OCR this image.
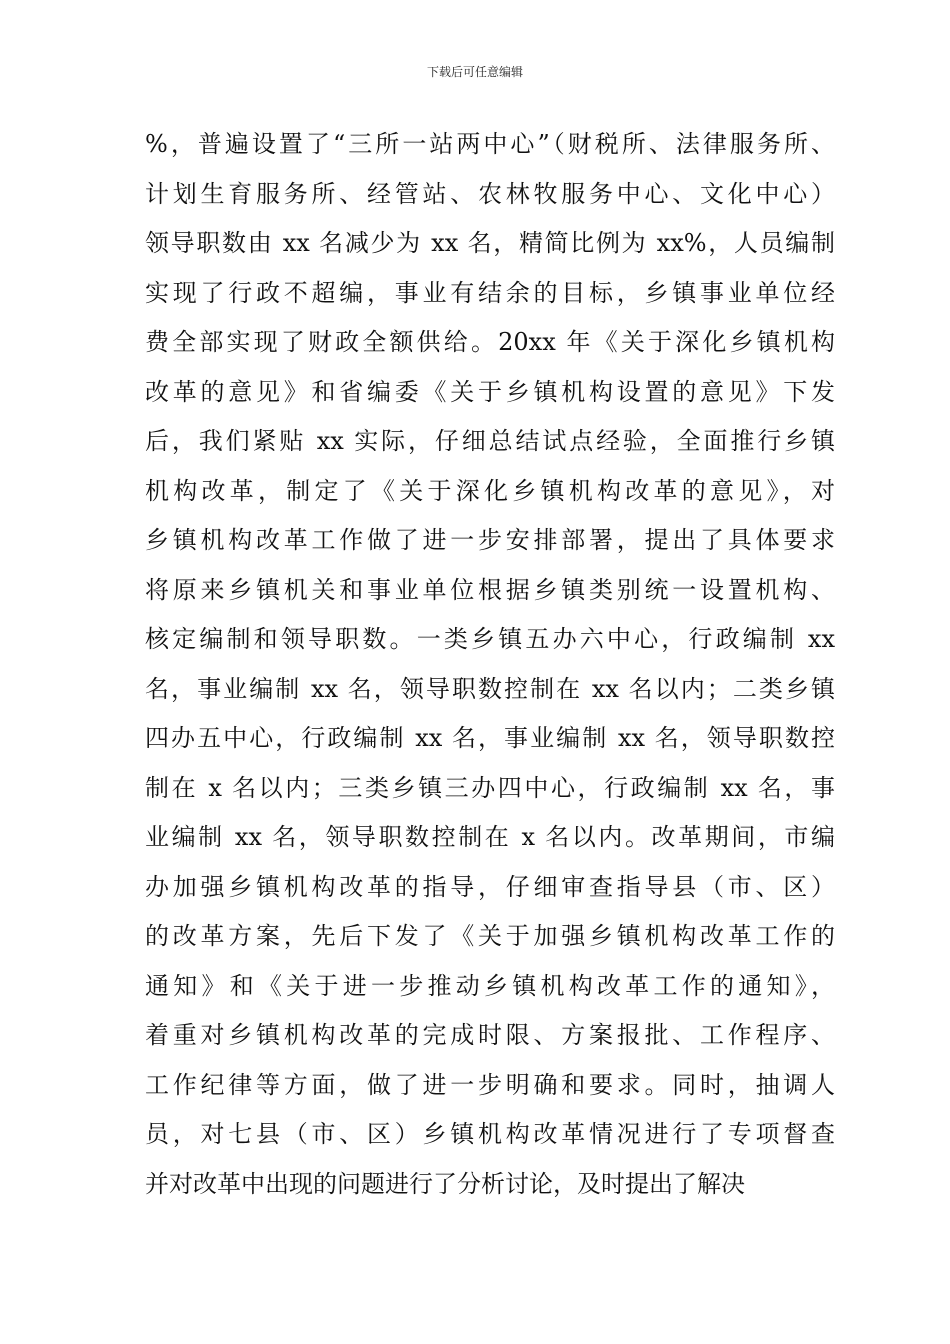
下载后可任意编辑
%，普遍设置了“三所一站两中心”（财税所、法律服务所、
计划生育服务所、经管站、农林牧服务中心、文化中心）
领导职数由 xx 名减少为 xx 名，精简比例为 xx%，人员编制
实现了行政不超编，事业有结余的目标，乡镇事业单位经
费全部实现了财政全额供给。20xx 年《关于深化乡镇机构
改革的意见》和省编委《关于乡镇机构设置的意见》下发
后，我们紧贴 xx 实际，仔细总结试点经验，全面推行乡镇
机构改革，制定了《关于深化乡镇机构改革的意见》，对
乡镇机构改革工作做了进一步安排部署，提出了具体要求
将原来乡镇机关和事业单位根据乡镇类别统一设置机构、
核定编制和领导职数。一类乡镇五办六中心，行政编制 xx
名，事业编制 xx 名，领导职数控制在 xx 名以内；二类乡镇
四办五中心，行政编制 xx 名，事业编制 xx 名，领导职数控
制在 x 名以内；三类乡镇三办四中心，行政编制 xx 名，事
业编制 xx 名，领导职数控制在 x 名以内。改革期间，市编
办加强乡镇机构改革的指导，仔细审查指导县（市、区）
的改革方案，先后下发了《关于加强乡镇机构改革工作的
通知》和《关于进一步推动乡镇机构改革工作的通知》，
着重对乡镇机构改革的完成时限、方案报批、工作程序、
工作纪律等方面，做了进一步明确和要求。同时，抽调人
员，对七县（市、区）乡镇机构改革情况进行了专项督查
并对改革中出现的问题进行了分析讨论，及时提出了解决
